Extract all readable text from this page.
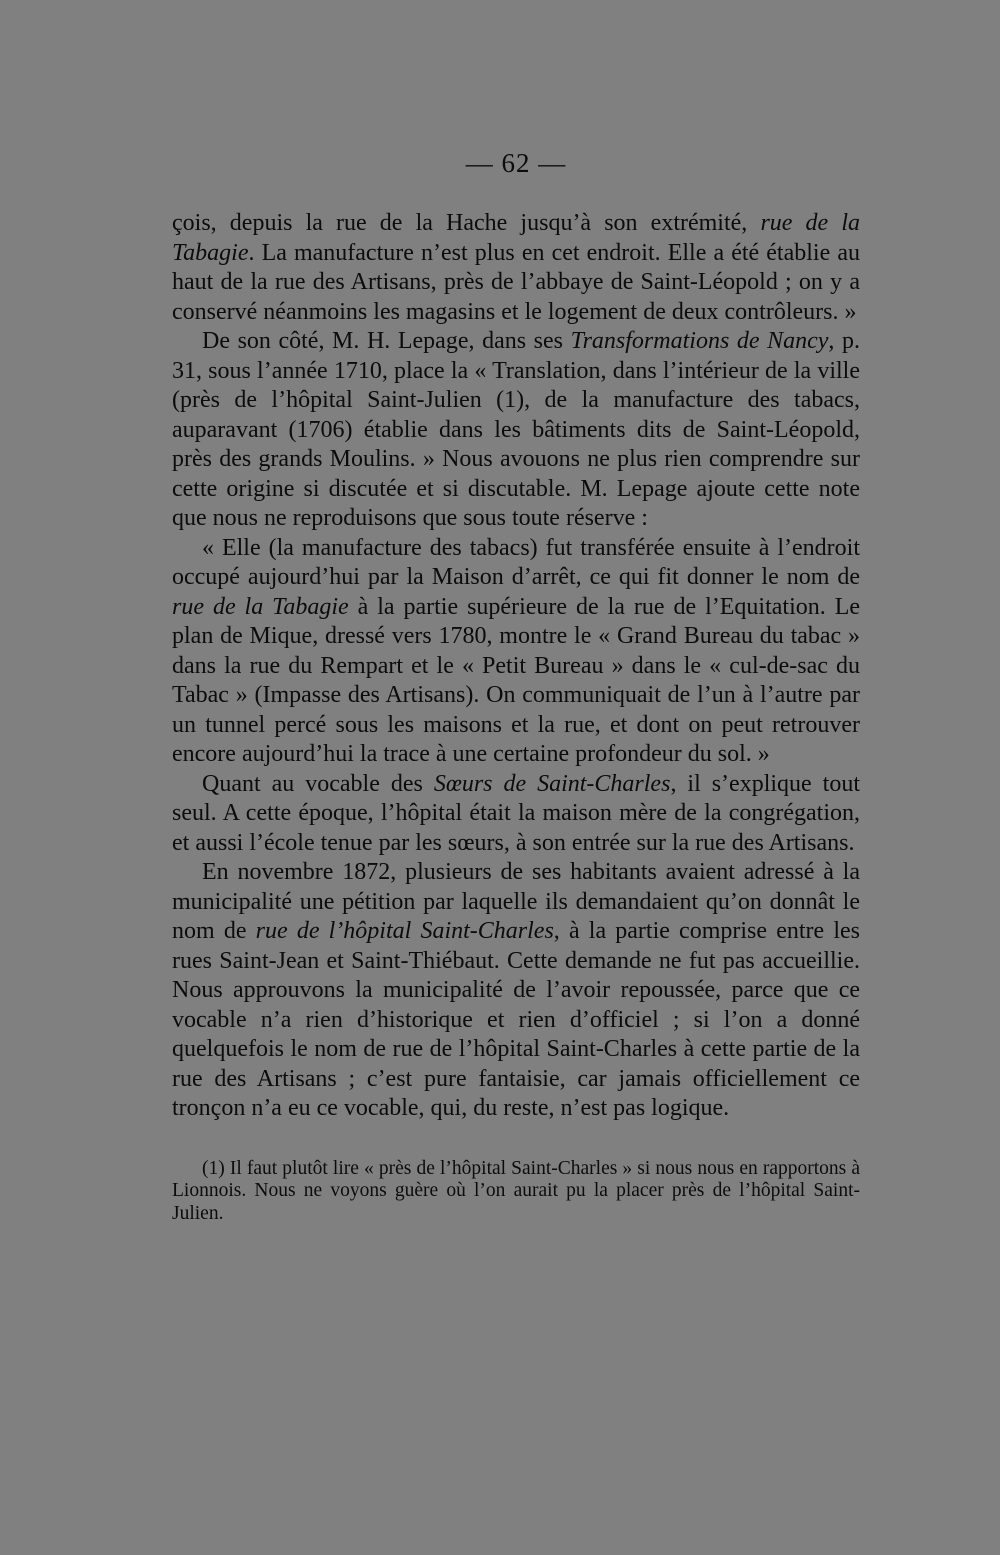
— 62 —

çois, depuis la rue de la Hache jusqu’à son extrémité, rue de la Tabagie. La manufacture n’est plus en cet endroit. Elle a été établie au haut de la rue des Artisans, près de l’abbaye de Saint-Léopold ; on y a conservé néanmoins les magasins et le logement de deux contrôleurs. »

De son côté, M. H. Lepage, dans ses Transformations de Nancy, p. 31, sous l’année 1710, place la « Translation, dans l’intérieur de la ville (près de l’hôpital Saint-Julien (1), de la manufacture des tabacs, auparavant (1706) établie dans les bâtiments dits de Saint-Léopold, près des grands Moulins. » Nous avouons ne plus rien comprendre sur cette origine si discutée et si discutable. M. Lepage ajoute cette note que nous ne reproduisons que sous toute réserve :

« Elle (la manufacture des tabacs) fut transférée ensuite à l’endroit occupé aujourd’hui par la Maison d’arrêt, ce qui fit donner le nom de rue de la Tabagie à la partie supérieure de la rue de l’Equitation. Le plan de Mique, dressé vers 1780, montre le « Grand Bureau du tabac » dans la rue du Rempart et le « Petit Bureau » dans le « cul-de-sac du Tabac » (Impasse des Artisans). On communiquait de l’un à l’autre par un tunnel percé sous les maisons et la rue, et dont on peut retrouver encore aujourd’hui la trace à une certaine profondeur du sol. »

Quant au vocable des Sœurs de Saint-Charles, il s’explique tout seul. A cette époque, l’hôpital était la maison mère de la congrégation, et aussi l’école tenue par les sœurs, à son entrée sur la rue des Artisans.

En novembre 1872, plusieurs de ses habitants avaient adressé à la municipalité une pétition par laquelle ils demandaient qu’on donnât le nom de rue de l’hôpital Saint-Charles, à la partie comprise entre les rues Saint-Jean et Saint-Thiébaut. Cette demande ne fut pas accueillie. Nous approuvons la municipalité de l’avoir repoussée, parce que ce vocable n’a rien d’historique et rien d’officiel ; si l’on a donné quelquefois le nom de rue de l’hôpital Saint-Charles à cette partie de la rue des Artisans ; c’est pure fantaisie, car jamais officiellement ce tronçon n’a eu ce vocable, qui, du reste, n’est pas logique.

(1) Il faut plutôt lire « près de l’hôpital Saint-Charles » si nous nous en rapportons à Lionnois. Nous ne voyons guère où l’on aurait pu la placer près de l’hôpital Saint-Julien.
